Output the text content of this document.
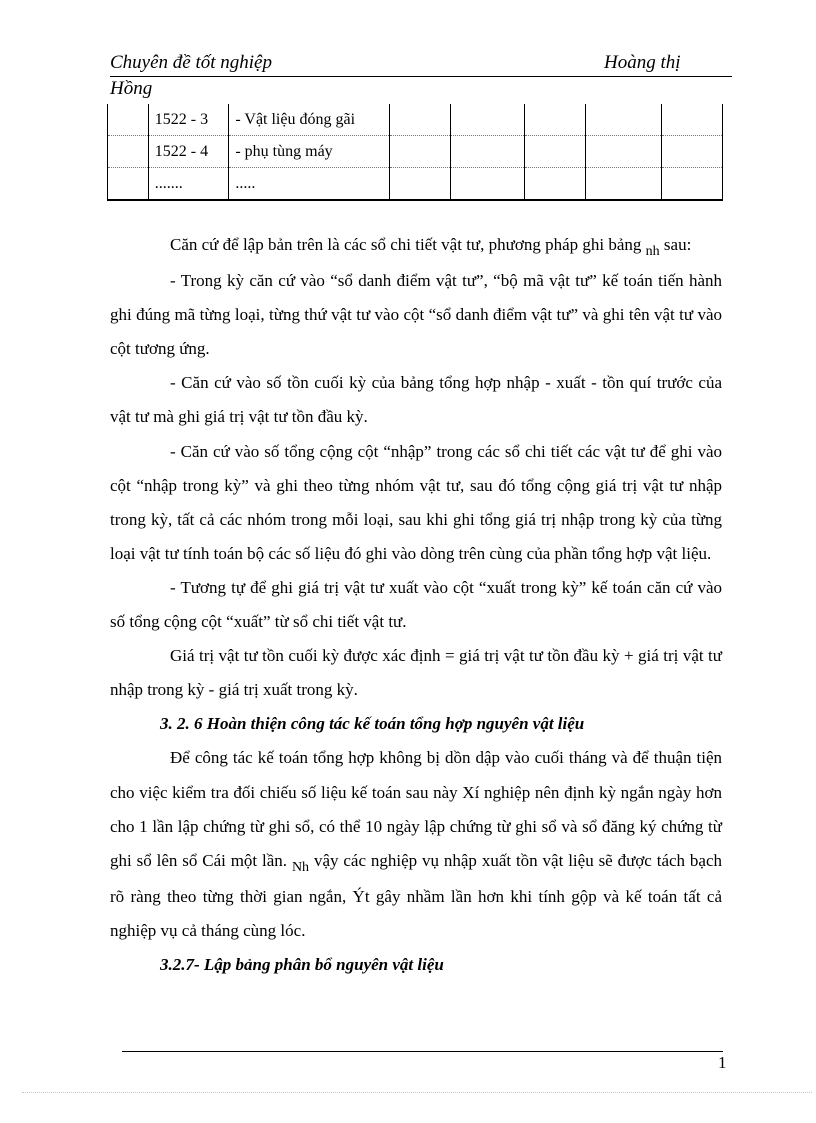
Chuyên đề tốt nghiệp	Hoàng thị
Hồng
	1522 - 3	- Vật liệu đóng gãi					
	1522 - 4	- phụ tùng máy					
	.......	.....					

Căn cứ để lập bản trên là các sổ chi tiết vật tư, phương pháp ghi bảng $_{nh}$ sau:

- Trong kỳ căn cứ vào “sổ danh điểm vật tư”, “bộ mã vật tư” kế toán tiến hành ghi đúng mã từng loại, từng thứ vật tư vào cột “sổ danh điểm vật tư” và ghi tên vật tư vào cột tương ứng.

- Căn cứ vào số tồn cuối kỳ của bảng tổng hợp nhập - xuất - tồn quí trước của vật tư mà ghi giá trị vật tư tồn đầu kỳ.

- Căn cứ vào số tổng cộng cột “nhập” trong các sổ chi tiết các vật tư để ghi vào cột “nhập trong kỳ” và ghi theo từng nhóm vật tư, sau đó tổng cộng giá trị vật tư nhập trong kỳ, tất cả các nhóm trong mỗi loại, sau khi ghi tổng giá trị nhập trong kỳ của từng loại vật tư tính toán bộ các số liệu đó ghi vào dòng trên cùng của phần tổng hợp vật liệu.

- Tương tự để ghi giá trị vật tư xuất vào cột “xuất trong kỳ” kế toán căn cứ vào số tổng cộng cột “xuất” từ sổ chi tiết vật tư.

Giá trị vật tư tồn cuối kỳ được xác định = giá trị vật tư tồn đầu kỳ + giá trị vật tư nhập trong kỳ - giá trị xuất trong kỳ.

3. 2. 6 Hoàn thiện công tác kế toán tổng hợp nguyên vật liệu

Để công tác kế toán tổng hợp không bị dồn dập vào cuối tháng và để thuận tiện cho việc kiểm tra đối chiếu số liệu kế toán sau này Xí nghiệp nên định kỳ ngắn ngày hơn cho 1 lần lập chứng từ ghi sổ, có thể 10 ngày lập chứng từ ghi sổ và sổ đăng ký chứng từ ghi sổ lên sổ Cái một lần. $_{Nh}$ vậy các nghiệp vụ nhập xuất tồn vật liệu sẽ được tách bạch rõ ràng theo từng thời gian ngắn, Ýt gây nhầm lần hơn khi tính gộp và kế toán tất cả nghiệp vụ cả tháng cùng lóc.

3.2.7- Lập bảng phân bổ nguyên vật liệu

1
